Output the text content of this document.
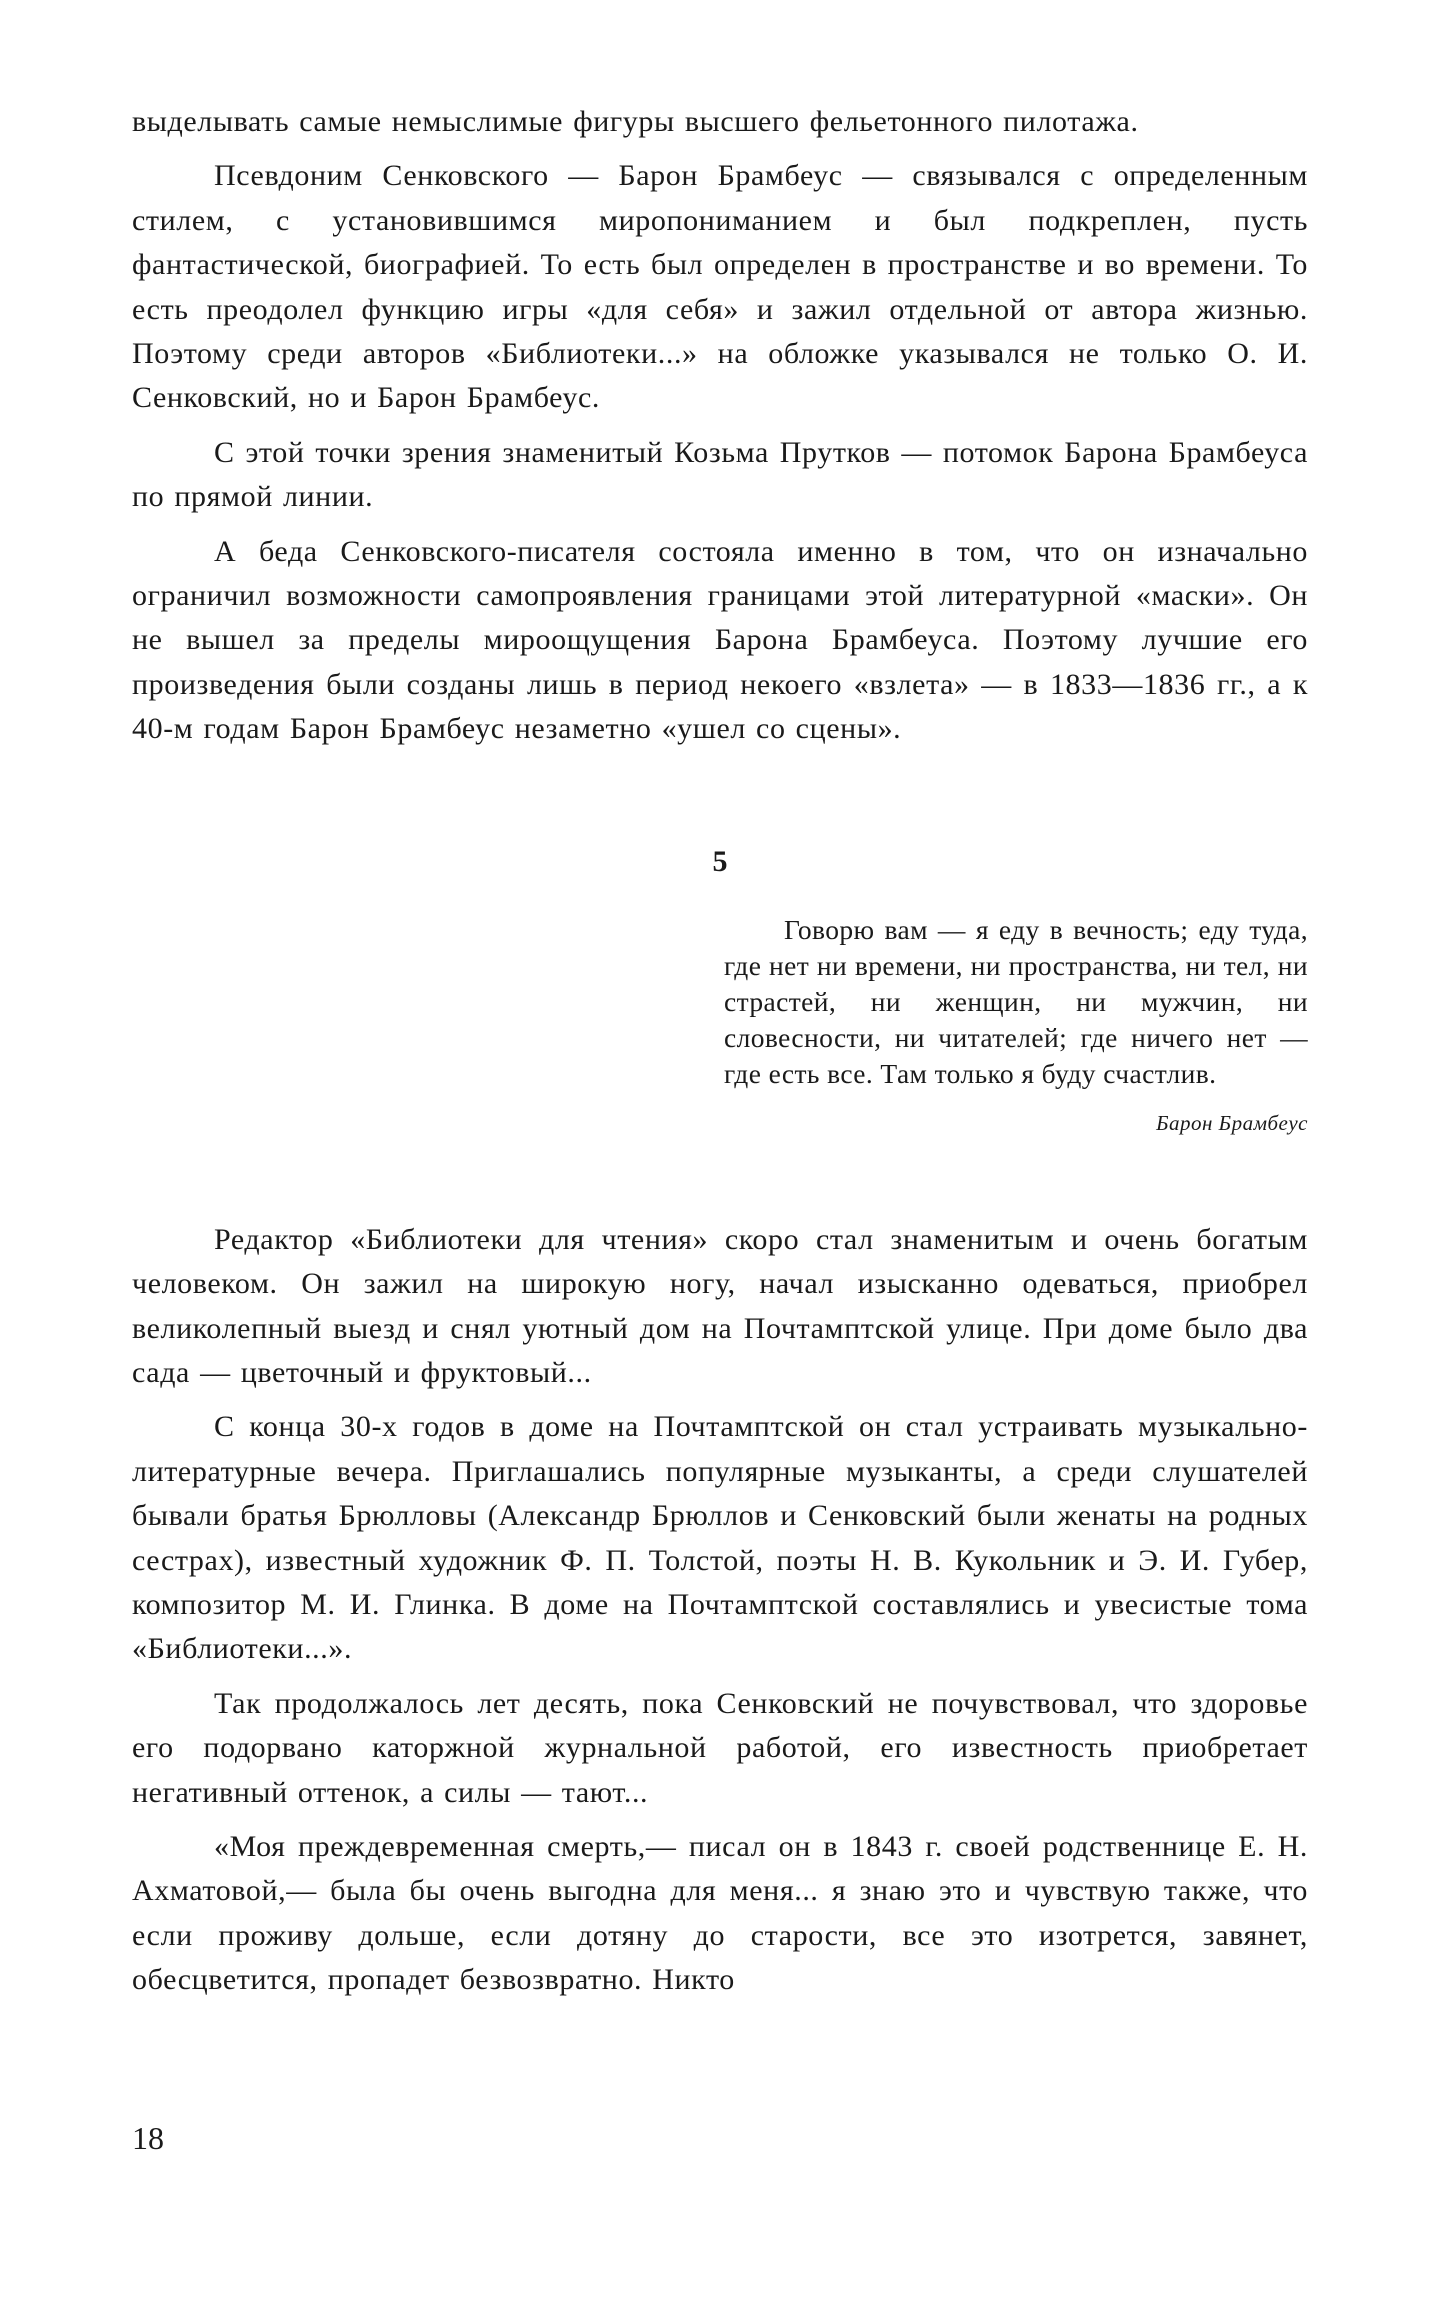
выделывать самые немыслимые фигуры высшего фельетонного пилотажа.

Псевдоним Сенковского — Барон Брамбеус — связывался с определенным стилем, с установившимся миропониманием и был подкреплен, пусть фантастической, биографией. То есть был определен в пространстве и во времени. То есть преодолел функцию игры «для себя» и зажил отдельной от автора жизнью. Поэтому среди авторов «Библиотеки...» на обложке указывался не только О. И. Сенковский, но и Барон Брамбеус.

С этой точки зрения знаменитый Козьма Прутков — потомок Барона Брамбеуса по прямой линии.

А беда Сенковского-писателя состояла именно в том, что он изначально ограничил возможности самопроявления границами этой литературной «маски». Он не вышел за пределы мироощущения Барона Брамбеуса. Поэтому лучшие его произведения были созданы лишь в период некоего «взлета» — в 1833—1836 гг., а к 40-м годам Барон Брамбеус незаметно «ушел со сцены».

5

Говорю вам — я еду в вечность; еду туда, где нет ни времени, ни пространства, ни тел, ни страстей, ни женщин, ни мужчин, ни словесности, ни читателей; где ничего нет — где есть все. Там только я буду счастлив.

Барон Брамбеус

Редактор «Библиотеки для чтения» скоро стал знаменитым и очень богатым человеком. Он зажил на широкую ногу, начал изысканно одеваться, приобрел великолепный выезд и снял уютный дом на Почтамптской улице. При доме было два сада — цветочный и фруктовый...

С конца 30-х годов в доме на Почтамптской он стал устраивать музыкально-литературные вечера. Приглашались популярные музыканты, а среди слушателей бывали братья Брюлловы (Александр Брюллов и Сенковский были женаты на родных сестрах), известный художник Ф. П. Толстой, поэты Н. В. Кукольник и Э. И. Губер, композитор М. И. Глинка. В доме на Почтамптской составлялись и увесистые тома «Библиотеки...».

Так продолжалось лет десять, пока Сенковский не почувствовал, что здоровье его подорвано каторжной журнальной работой, его известность приобретает негативный оттенок, а силы — тают...

«Моя преждевременная смерть,— писал он в 1843 г. своей родственнице Е. Н. Ахматовой,— была бы очень выгодна для меня... я знаю это и чувствую также, что если проживу дольше, если дотяну до старости, все это изотрется, завянет, обесцветится, пропадет безвозвратно. Никто

18
